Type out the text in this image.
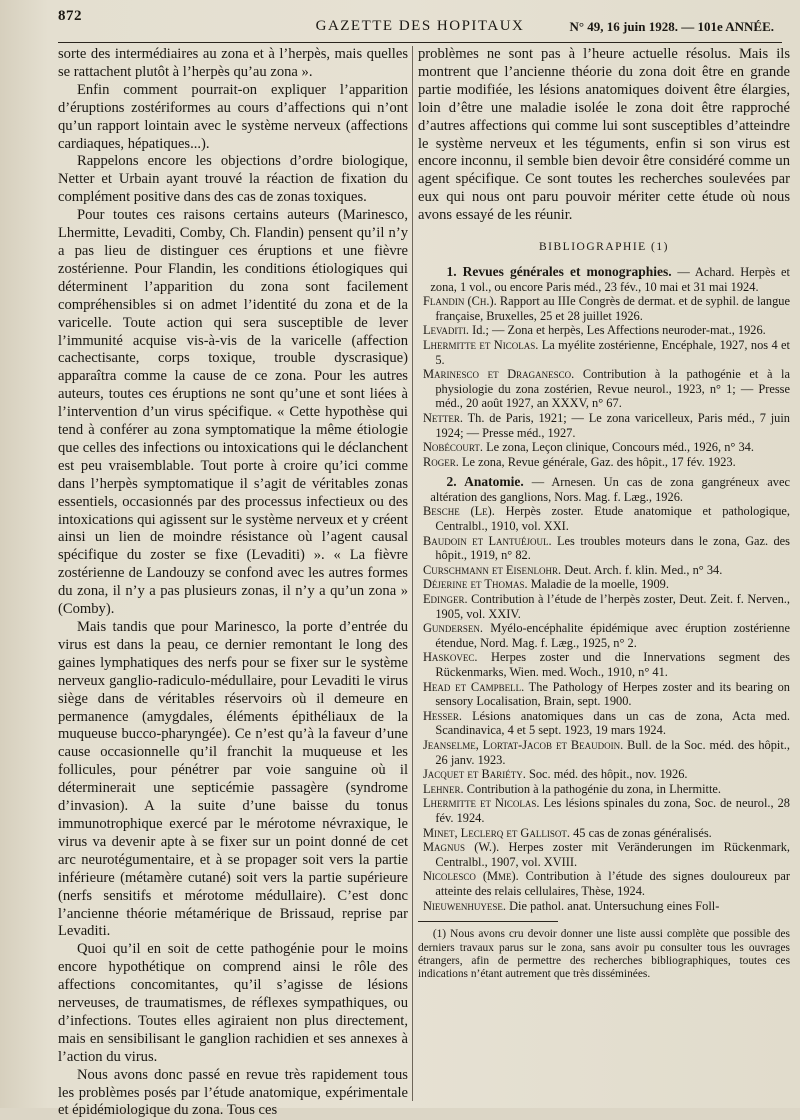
872
GAZETTE DES HOPITAUX	N° 49, 16 juin 1928. — 101e ANNÉE.

sorte des intermédiaires au zona et à l’herpès, mais quelles se rattachent plutôt à l’herpès qu’au zona ».

Enfin comment pourrait-on expliquer l’apparition d’éruptions zostériformes au cours d’affections qui n’ont qu’un rapport lointain avec le système nerveux (affections cardiaques, hépatiques...).

Rappelons encore les objections d’ordre biologique, Netter et Urbain ayant trouvé la réaction de fixation du complément positive dans des cas de zonas toxiques.

Pour toutes ces raisons certains auteurs (Marinesco, Lhermitte, Levaditi, Comby, Ch. Flandin) pensent qu’il n’y a pas lieu de distinguer ces éruptions et une fièvre zostérienne. Pour Flandin, les conditions étiologiques qui déterminent l’apparition du zona sont facilement compréhensibles si on admet l’identité du zona et de la varicelle. Toute action qui sera susceptible de lever l’immunité acquise vis-à-vis de la varicelle (affection cachectisante, corps toxique, trouble dyscrasique) apparaîtra comme la cause de ce zona. Pour les autres auteurs, toutes ces éruptions ne sont qu’une et sont liées à l’intervention d’un virus spécifique. « Cette hypothèse qui tend à conférer au zona symptomatique la même étiologie que celles des infections ou intoxications qui le déclanchent est peu vraisemblable. Tout porte à croire qu’ici comme dans l’herpès symptomatique il s’agit de véritables zonas essentiels, occasionnés par des processus infectieux ou des intoxications qui agissent sur le système nerveux et y créent ainsi un lien de moindre résistance où l’agent causal spécifique du zoster se fixe (Levaditi) ». « La fièvre zostérienne de Landouzy se confond avec les autres formes du zona, il n’y a pas plusieurs zonas, il n’y a qu’un zona » (Comby).

Mais tandis que pour Marinesco, la porte d’entrée du virus est dans la peau, ce dernier remontant le long des gaines lymphatiques des nerfs pour se fixer sur le système nerveux ganglio-radiculo-médullaire, pour Levaditi le virus siège dans de véritables réservoirs où il demeure en permanence (amygdales, éléments épithéliaux de la muqueuse bucco-pharyngée). Ce n’est qu’à la faveur d’une cause occasionnelle qu’il franchit la muqueuse et les follicules, pour pénétrer par voie sanguine où il déterminerait une septicémie passagère (syndrome d’invasion). A la suite d’une baisse du tonus immunotrophique exercé par le mérotome névraxique, le virus va devenir apte à se fixer sur un point donné de cet arc neurotégumentaire, et à se propager soit vers la partie inférieure (métamère cutané) soit vers la partie supérieure (nerfs sensitifs et mérotome médullaire). C’est donc l’ancienne théorie métamérique de Brissaud, reprise par Levaditi.

Quoi qu’il en soit de cette pathogénie pour le moins encore hypothétique on comprend ainsi le rôle des affections concomitantes, qu’il s’agisse de lésions nerveuses, de traumatismes, de réflexes sympathiques, ou d’infections. Toutes elles agiraient non plus directement, mais en sensibilisant le ganglion rachidien et ses annexes à l’action du virus.

Nous avons donc passé en revue très rapidement tous les problèmes posés par l’étude anatomique, expérimentale et épidémiologique du zona. Tous ces

problèmes ne sont pas à l’heure actuelle résolus. Mais ils montrent que l’ancienne théorie du zona doit être en grande partie modifiée, les lésions anatomiques doivent être élargies, loin d’être une maladie isolée le zona doit être rapproché d’autres affections qui comme lui sont susceptibles d’atteindre le système nerveux et les téguments, enfin si son virus est encore inconnu, il semble bien devoir être considéré comme un agent spécifique. Ce sont toutes les recherches soulevées par eux qui nous ont paru pouvoir mériter cette étude où nous avons essayé de les réunir.

BIBLIOGRAPHIE (1)

1. Revues générales et monographies. — Achard. Herpès et zona, 1 vol., ou encore Paris méd., 23 fév., 10 mai et 31 mai 1924.

Flandin (Ch.). Rapport au IIIe Congrès de dermat. et de syphil. de langue française, Bruxelles, 25 et 28 juillet 1926.
Levaditi. Id.; — Zona et herpès, Les Affections neuroder-mat., 1926.
Lhermitte et Nicolas. La myélite zostérienne, Encéphale, 1927, nos 4 et 5.
Marinesco et Draganesco. Contribution à la pathogénie et à la physiologie du zona zostérien, Revue neurol., 1923, n° 1; — Presse méd., 20 août 1927, an XXXV, n° 67.
Netter. Th. de Paris, 1921; — Le zona varicelleux, Paris méd., 7 juin 1924; — Presse méd., 1927.
Nobécourt. Le zona, Leçon clinique, Concours méd., 1926, n° 34.
Roger. Le zona, Revue générale, Gaz. des hôpit., 17 fév. 1923.

2. Anatomie. — Arnesen. Un cas de zona gangréneux avec altération des ganglions, Nors. Mag. f. Læg., 1926.

Besche (Le). Herpès zoster. Etude anatomique et pathologique, Centralbl., 1910, vol. XXI.
Baudoin et Lantuéjoul. Les troubles moteurs dans le zona, Gaz. des hôpit., 1919, n° 82.
Curschmann et Eisenlohr. Deut. Arch. f. klin. Med., n° 34.
Déjerine et Thomas. Maladie de la moelle, 1909.
Edinger. Contribution à l’étude de l’herpès zoster, Deut. Zeit. f. Nerven., 1905, vol. XXIV.
Gundersen. Myélo-encéphalite épidémique avec éruption zostérienne étendue, Nord. Mag. f. Læg., 1925, n° 2.
Haskovec. Herpes zoster und die Innervations segment des Rückenmarks, Wien. med. Woch., 1910, n° 41.
Head et Campbell. The Pathology of Herpes zoster and its bearing on sensory Localisation, Brain, sept. 1900.
Hesser. Lésions anatomiques dans un cas de zona, Acta med. Scandinavica, 4 et 5 sept. 1923, 19 mars 1924.
Jeanselme, Lortat-Jacob et Beaudoin. Bull. de la Soc. méd. des hôpit., 26 janv. 1923.
Jacquet et Bariéty. Soc. méd. des hôpit., nov. 1926.
Lehner. Contribution à la pathogénie du zona, in Lhermitte.
Lhermitte et Nicolas. Les lésions spinales du zona, Soc. de neurol., 28 fév. 1924.
Minet, Leclerq et Gallisot. 45 cas de zonas généralisés.
Magnus (W.). Herpes zoster mit Veränderungen im Rückenmark, Centralbl., 1907, vol. XVIII.
Nicolesco (Mme). Contribution à l’étude des signes douloureux par atteinte des relais cellulaires, Thèse, 1924.
Nieuwenhuyese. Die pathol. anat. Untersuchung eines Foll-

(1) Nous avons cru devoir donner une liste aussi complète que possible des derniers travaux parus sur le zona, sans avoir pu consulter tous les ouvrages étrangers, afin de permettre des recherches bibliographiques, toutes ces indications n’étant autrement que très disséminées.
